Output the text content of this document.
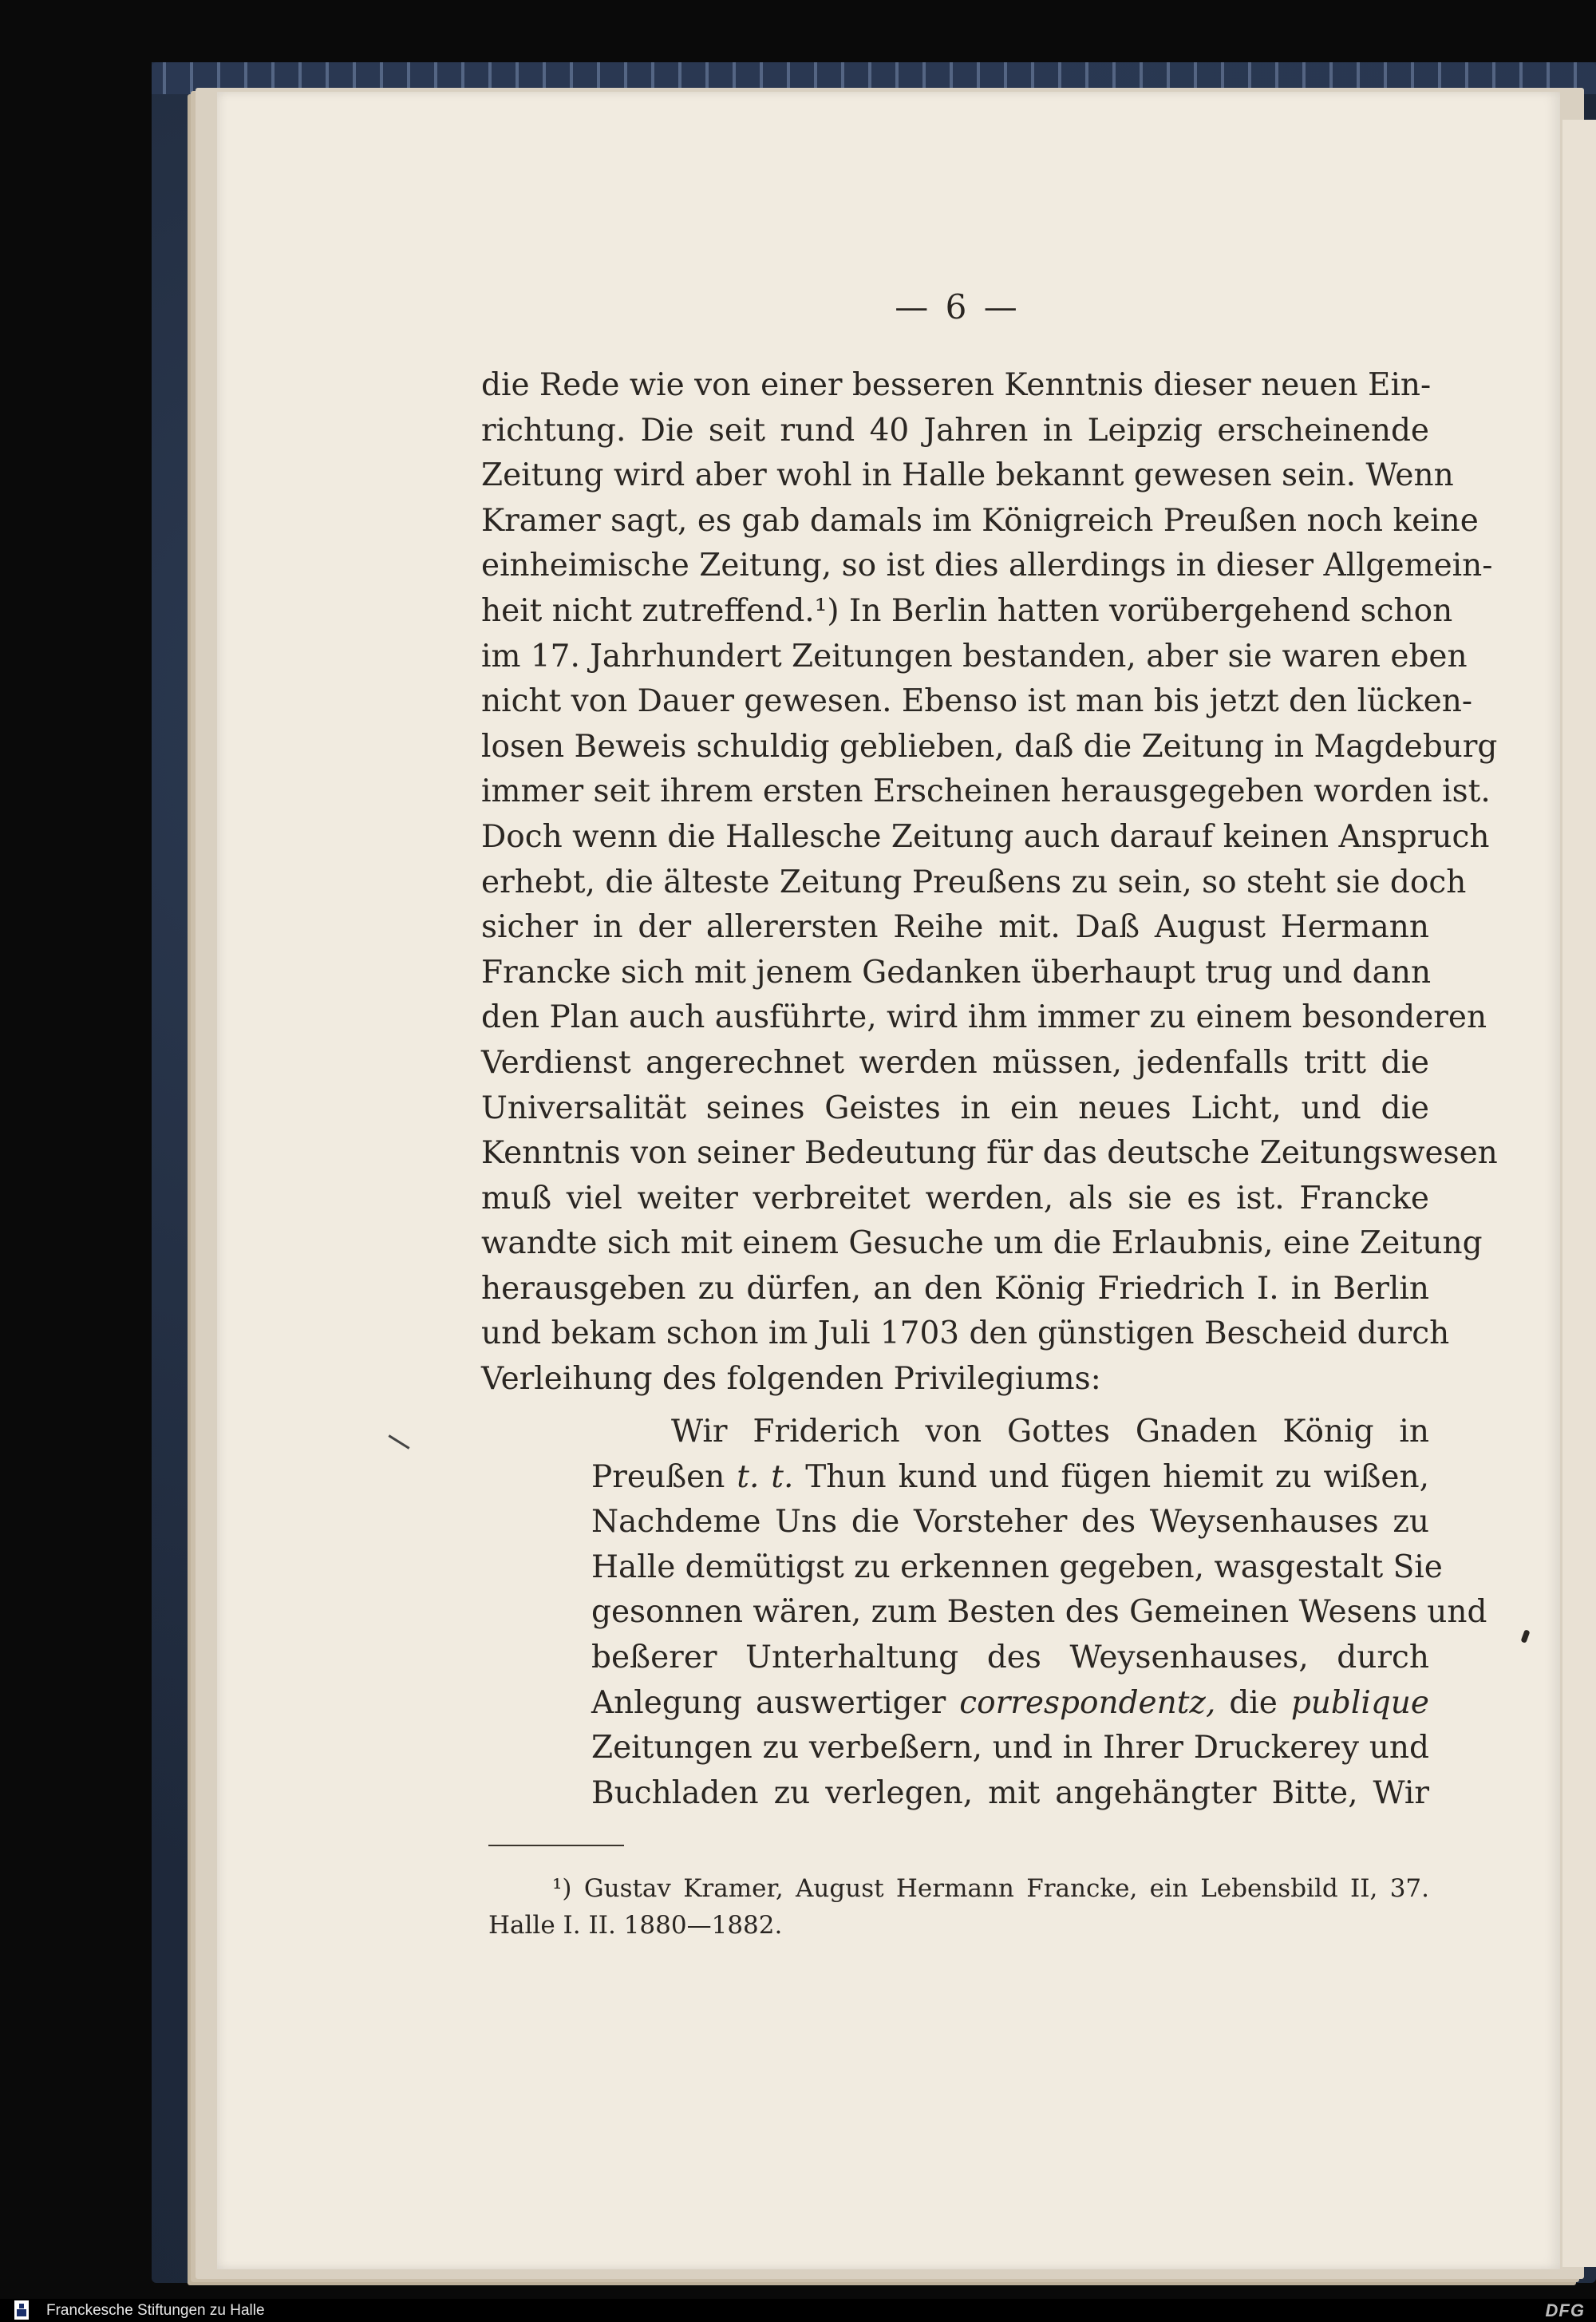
— 6 —
die Rede wie von einer besseren Kenntnis dieser neuen Ein-
richtung. Die seit rund 40 Jahren in Leipzig erscheinende
Zeitung wird aber wohl in Halle bekannt gewesen sein. Wenn
Kramer sagt, es gab damals im Königreich Preußen noch keine
einheimische Zeitung, so ist dies allerdings in dieser Allgemein-
heit nicht zutreffend.¹) In Berlin hatten vorübergehend schon
im 17. Jahrhundert Zeitungen bestanden, aber sie waren eben
nicht von Dauer gewesen. Ebenso ist man bis jetzt den lücken-
losen Beweis schuldig geblieben, daß die Zeitung in Magdeburg
immer seit ihrem ersten Erscheinen herausgegeben worden ist.
Doch wenn die Hallesche Zeitung auch darauf keinen Anspruch
erhebt, die älteste Zeitung Preußens zu sein, so steht sie doch
sicher in der allerersten Reihe mit. Daß August Hermann
Francke sich mit jenem Gedanken überhaupt trug und dann
den Plan auch ausführte, wird ihm immer zu einem besonderen
Verdienst angerechnet werden müssen, jedenfalls tritt die
Universalität seines Geistes in ein neues Licht, und die
Kenntnis von seiner Bedeutung für das deutsche Zeitungswesen
muß viel weiter verbreitet werden, als sie es ist. Francke
wandte sich mit einem Gesuche um die Erlaubnis, eine Zeitung
herausgeben zu dürfen, an den König Friedrich I. in Berlin
und bekam schon im Juli 1703 den günstigen Bescheid durch
Verleihung des folgenden Privilegiums:
Wir Friderich von Gottes Gnaden König in
Preußen t. t. Thun kund und fügen hiemit zu wißen,
Nachdeme Uns die Vorsteher des Weysenhauses zu
Halle demütigst zu erkennen gegeben, wasgestalt Sie
gesonnen wären, zum Besten des Gemeinen Wesens und
beßerer Unterhaltung des Weysenhauses, durch
Anlegung auswertiger correspondentz, die publique
Zeitungen zu verbeßern, und in Ihrer Druckerey und
Buchladen zu verlegen, mit angehängter Bitte, Wir
¹) Gustav Kramer, August Hermann Francke, ein Lebensbild II, 37.
Halle I. II. 1880—1882.
Franckesche Stiftungen zu Halle	DFG
